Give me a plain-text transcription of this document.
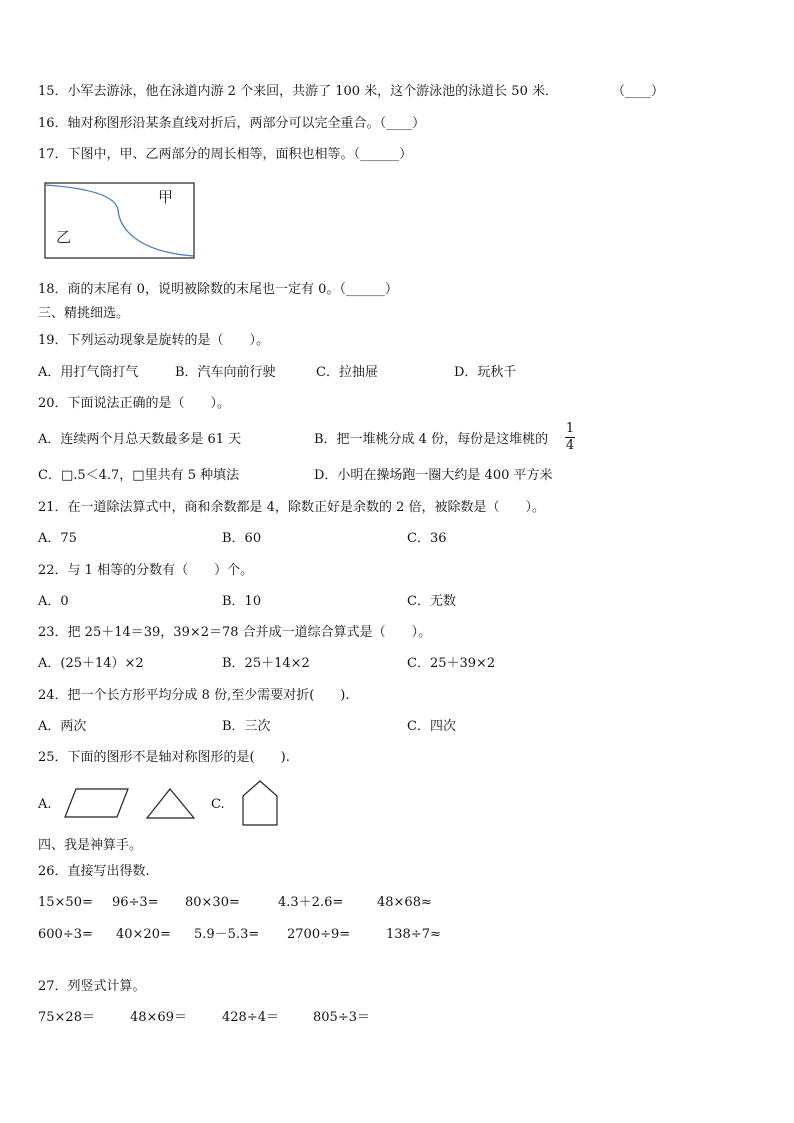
15．小军去游泳，他在泳道内游 2 个来回，共游了 100 米，这个游泳池的泳道长 50 米．	（____）
16．轴对称图形沿某条直线对折后，两部分可以完全重合。（____）
17．下图中，甲、乙两部分的周长相等，面积也相等。（______）
甲
乙
18．商的末尾有 0，说明被除数的末尾也一定有 0。（______）
三、精挑细选。
19．下列运动现象是旋转的是（　　）。
A．用打气筒打气	B．汽车向前行驶	C．拉抽屉	D．玩秋千
20．下面说法正确的是（　　）。
A．连续两个月总天数最多是 61 天	B．把一堆桃分成 4 份，每份是这堆桃的
1
4
C．□.5＜4.7，□里共有 5 种填法	D．小明在操场跑一圈大约是 400 平方米
21．在一道除法算式中，商和余数都是 4，除数正好是余数的 2 倍，被除数是（　　）。
A．75	B．60	C．36
22．与 1 相等的分数有（　　）个。
A．0	B．10	C．无数
23．把 25＋14＝39，39×2＝78 合并成一道综合算式是（　　）。
A．(25＋14）×2	B．25＋14×2	C．25＋39×2
24．把一个长方形平均分成 8 份,至少需要对折(　　).
A．两次	B．三次	C．四次
25．下面的图形不是轴对称图形的是(　　).
A.	C.
四、我是神算手。
26．直接写出得数.
15×50= 96÷3= 80×30=	4.3＋2.6=	48×68≈
600÷3= 40×20= 5.9－5.3= 2700÷9=	138÷7≈
27．列竖式计算。
75×28＝	48×69＝	428÷4＝	805÷3＝
